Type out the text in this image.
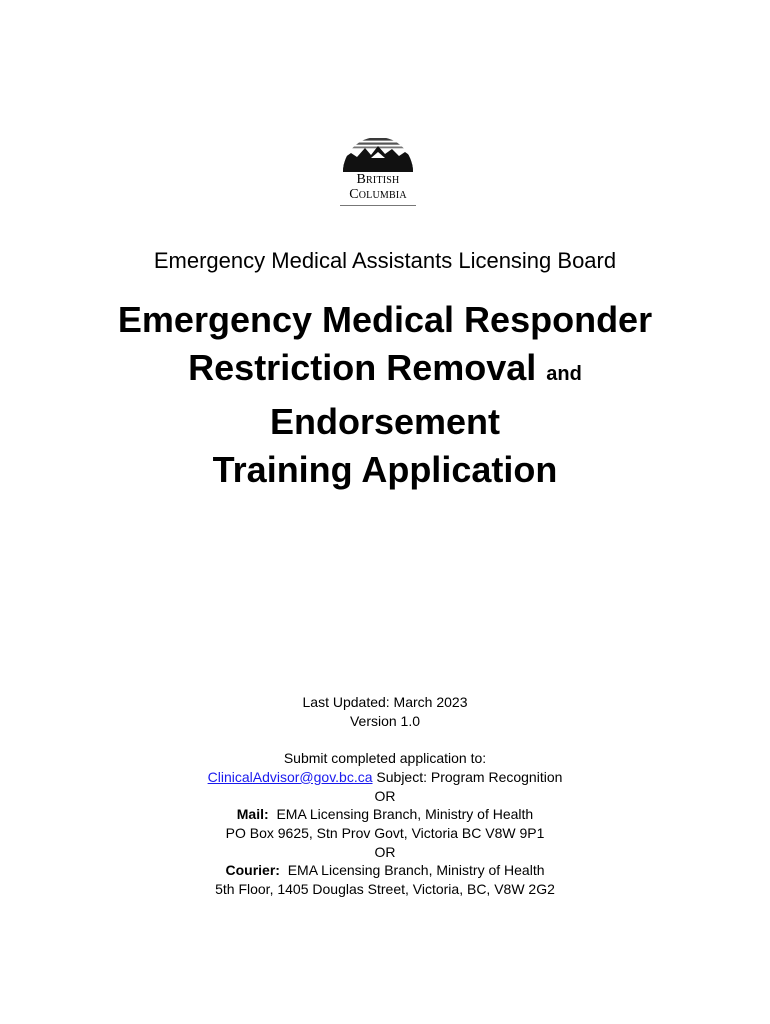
British
Columbia
Emergency Medical Assistants Licensing Board
Emergency Medical Responder
Restriction Removal and
Endorsement
Training Application
Last Updated: March 2023
Version 1.0
Submit completed application to:
ClinicalAdvisor@gov.bc.ca Subject: Program Recognition
OR
Mail: EMA Licensing Branch, Ministry of Health
PO Box 9625, Stn Prov Govt, Victoria BC V8W 9P1
OR
Courier: EMA Licensing Branch, Ministry of Health
5th Floor, 1405 Douglas Street, Victoria, BC, V8W 2G2
